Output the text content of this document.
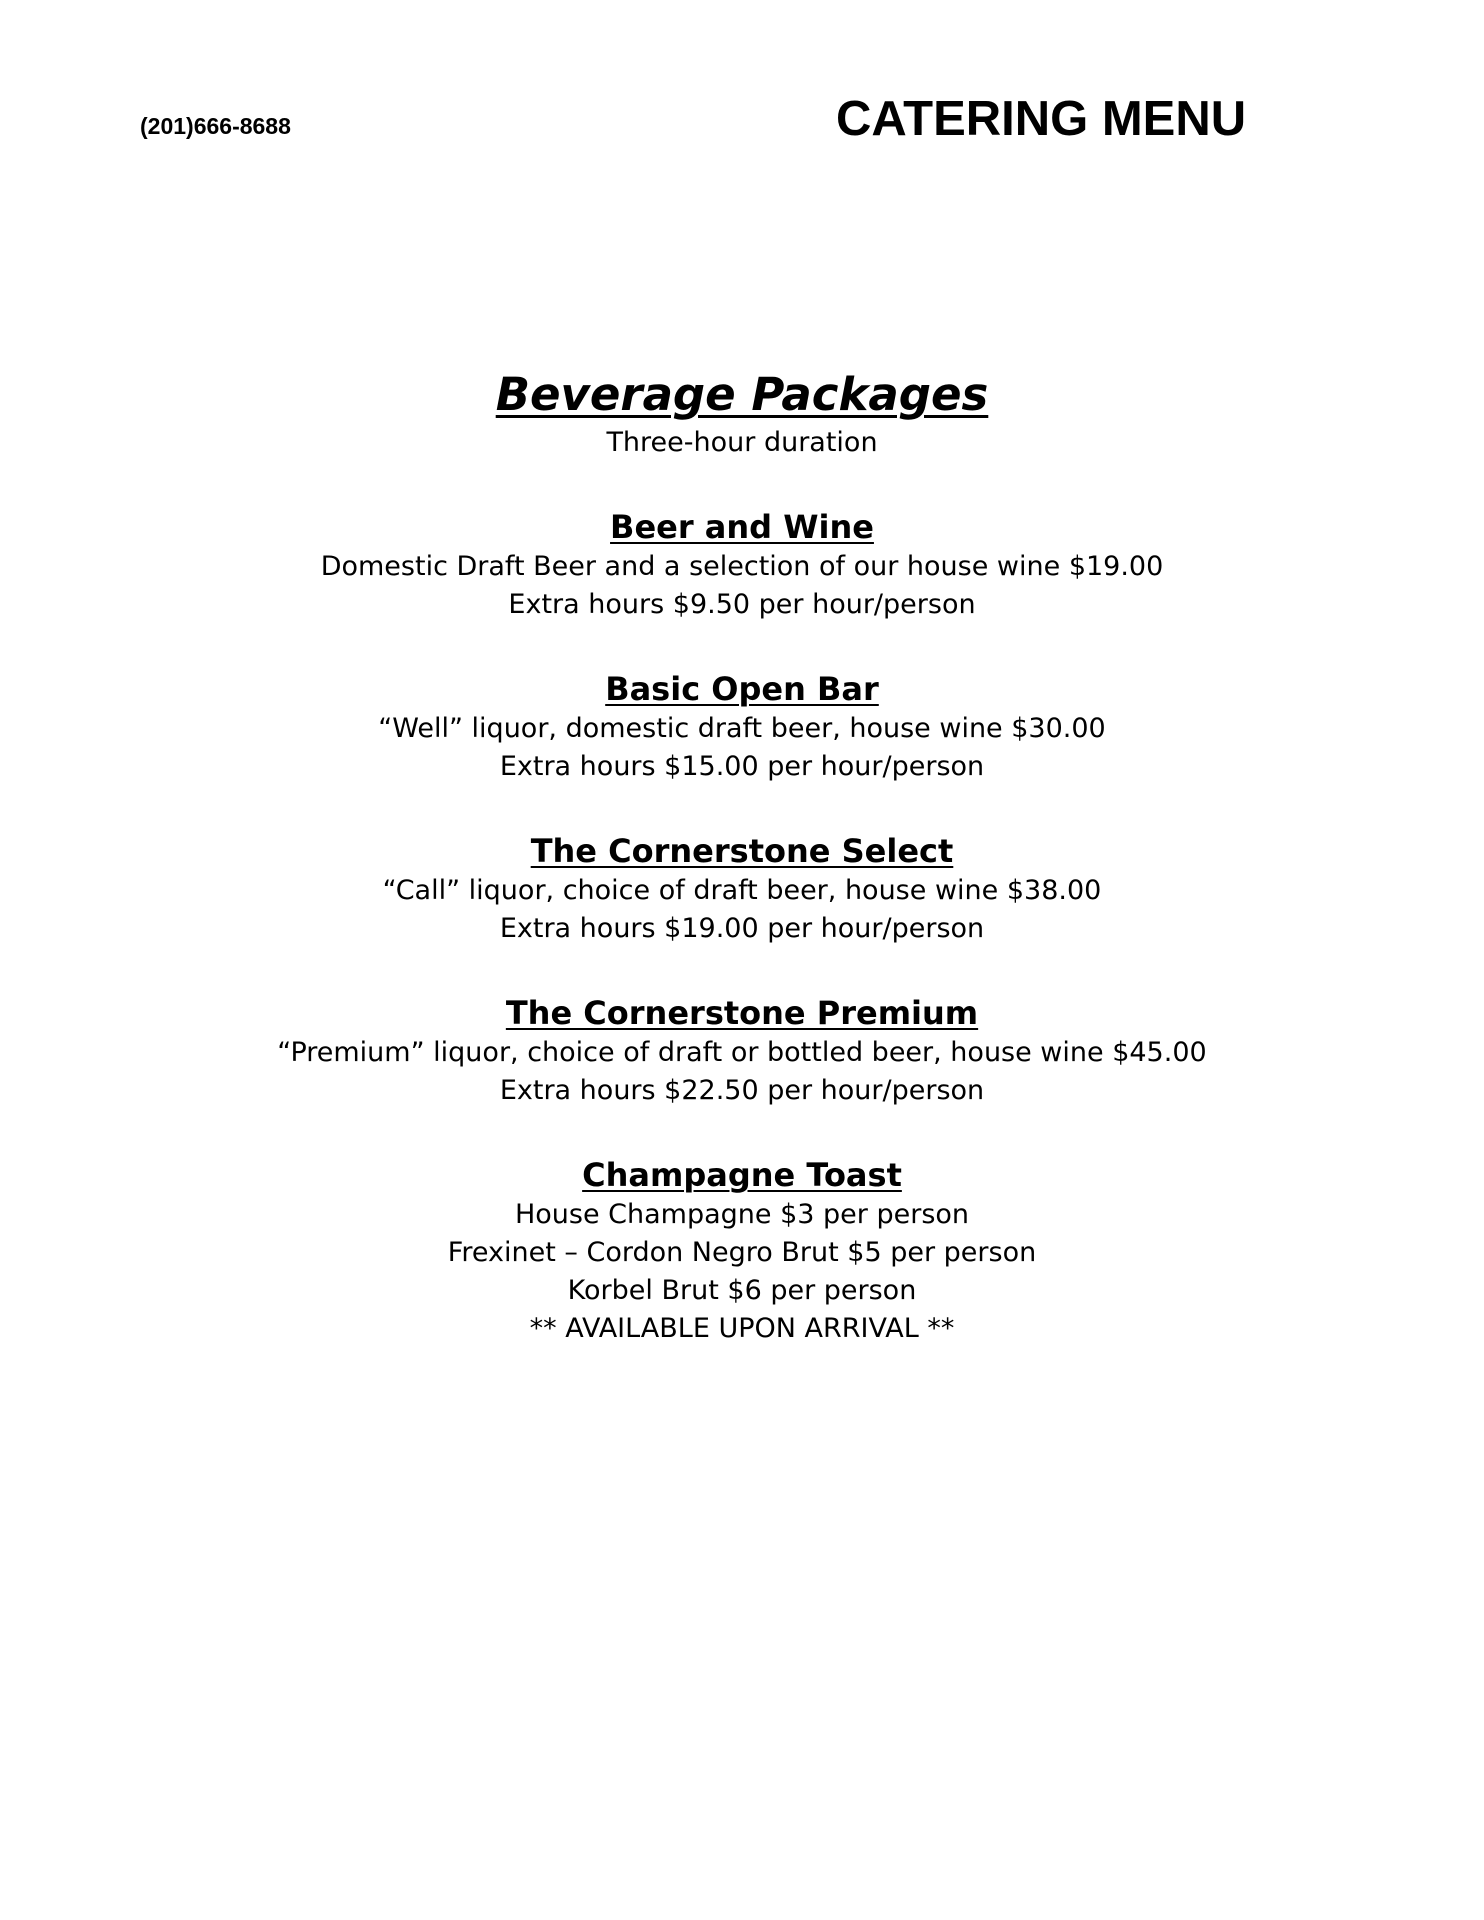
(201)666-8688	CATERING MENU
Beverage Packages

Three-hour duration

Beer and Wine

Domestic Draft Beer and a selection of our house wine $19.00

Extra hours $9.50 per hour/person

Basic Open Bar

“Well” liquor, domestic draft beer, house wine $30.00

Extra hours $15.00 per hour/person

The Cornerstone Select

“Call” liquor, choice of draft beer, house wine $38.00

Extra hours $19.00 per hour/person

The Cornerstone Premium

“Premium” liquor, choice of draft or bottled beer, house wine $45.00

Extra hours $22.50 per hour/person

Champagne Toast

House Champagne $3 per person

Frexinet – Cordon Negro Brut $5 per person

Korbel Brut $6 per person

** AVAILABLE UPON ARRIVAL **
